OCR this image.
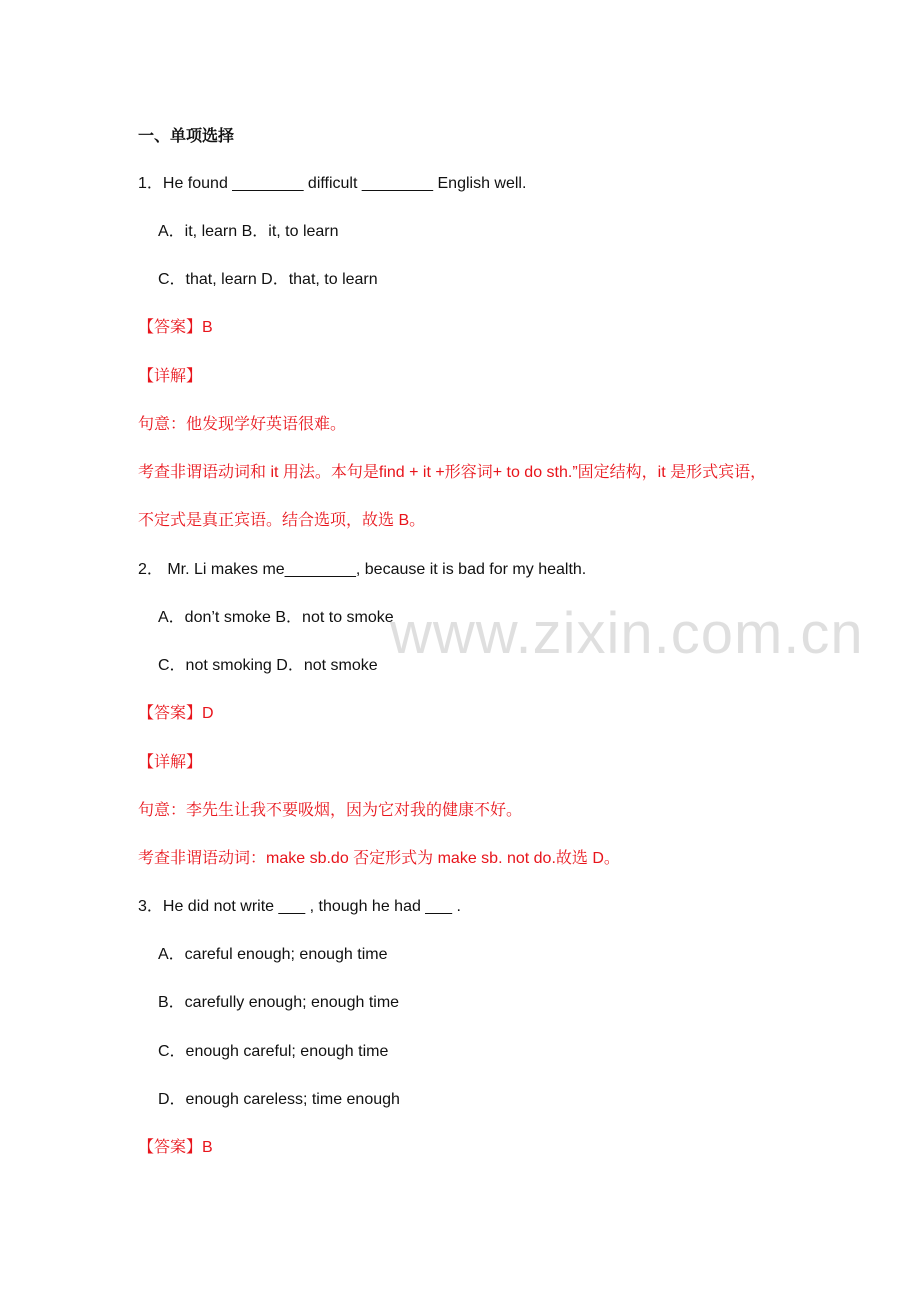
一、单项选择

1．He found ________ difficult ________ English well.

A．it, learn B．it, to learn

C．that, learn D．that, to learn

【答案】B

【详解】

句意：他发现学好英语很难。

考查非谓语动词和 it 用法。本句是find + it +形容词+ to do sth.”固定结构，it 是形式宾语，

不定式是真正宾语。结合选项，故选 B。

2． Mr. Li makes me________, because it is bad for my health.

A．don’t smoke B．not to smoke

C．not smoking D．not smoke

【答案】D

【详解】

句意：李先生让我不要吸烟，因为它对我的健康不好。

考查非谓语动词：make sb.do 否定形式为 make sb. not do.故选 D。

3．He did not write ___ , though he had ___ .

A．careful enough; enough time

B．carefully enough; enough time

C．enough careful; enough time

D．enough careless; time enough

【答案】B

www.zixin.com.cn
